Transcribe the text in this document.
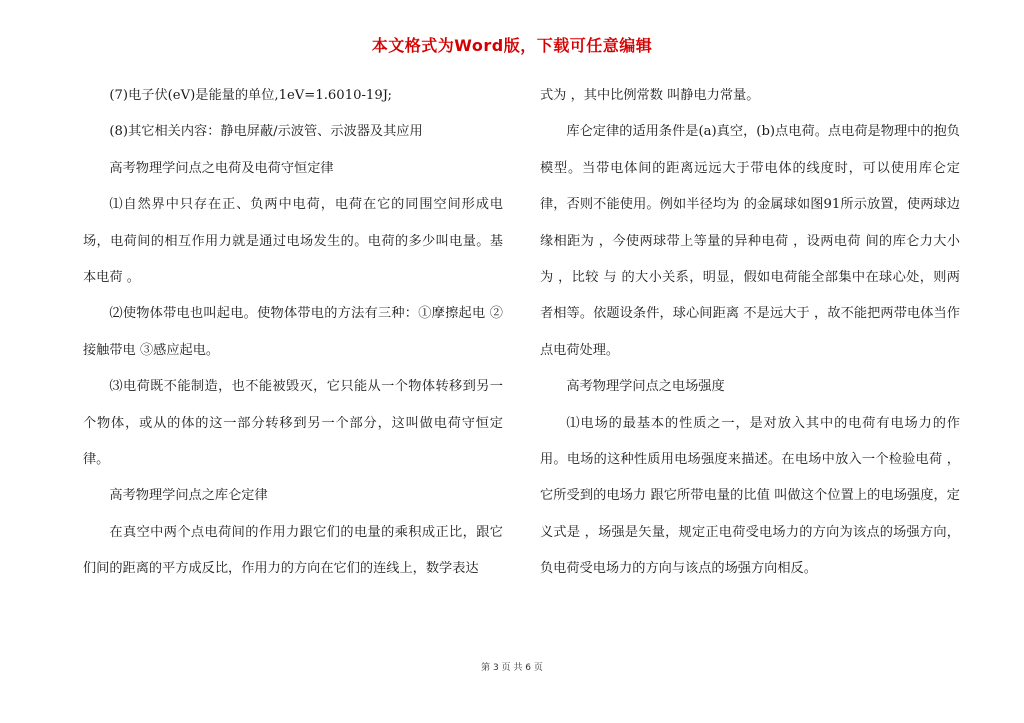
本文格式为Word版，下载可任意编辑

(7)电子伏(eV)是能量的单位,1eV=1.6010-19J;

(8)其它相关内容：静电屏蔽/示波管、示波器及其应用

高考物理学问点之电荷及电荷守恒定律

⑴自然界中只存在正、负两中电荷，电荷在它的同围空间形成电场，电荷间的相互作用力就是通过电场发生的。电荷的多少叫电量。基本电荷 。

⑵使物体带电也叫起电。使物体带电的方法有三种：①摩擦起电 ②接触带电 ③感应起电。

⑶电荷既不能制造，也不能被毁灭，它只能从一个物体转移到另一个物体，或从的体的这一部分转移到另一个部分，这叫做电荷守恒定律。

高考物理学问点之库仑定律

在真空中两个点电荷间的作用力跟它们的电量的乘积成正比，跟它们间的距离的平方成反比，作用力的方向在它们的连线上，数学表达

式为 ，其中比例常数 叫静电力常量。

库仑定律的适用条件是(a)真空，(b)点电荷。点电荷是物理中的抱负模型。当带电体间的距离远远大于带电体的线度时，可以使用库仑定律，否则不能使用。例如半径均为 的金属球如图91所示放置，使两球边缘相距为 ，今使两球带上等量的异种电荷 ，设两电荷 间的库仑力大小为 ，比较 与 的大小关系，明显，假如电荷能全部集中在球心处，则两者相等。依题设条件，球心间距离 不是远大于 ，故不能把两带电体当作点电荷处理。

高考物理学问点之电场强度

⑴电场的最基本的性质之一，是对放入其中的电荷有电场力的作用。电场的这种性质用电场强度来描述。在电场中放入一个检验电荷 ，它所受到的电场力 跟它所带电量的比值 叫做这个位置上的电场强度，定义式是 ，场强是矢量，规定正电荷受电场力的方向为该点的场强方向，负电荷受电场力的方向与该点的场强方向相反。

第 3 页 共 6 页
